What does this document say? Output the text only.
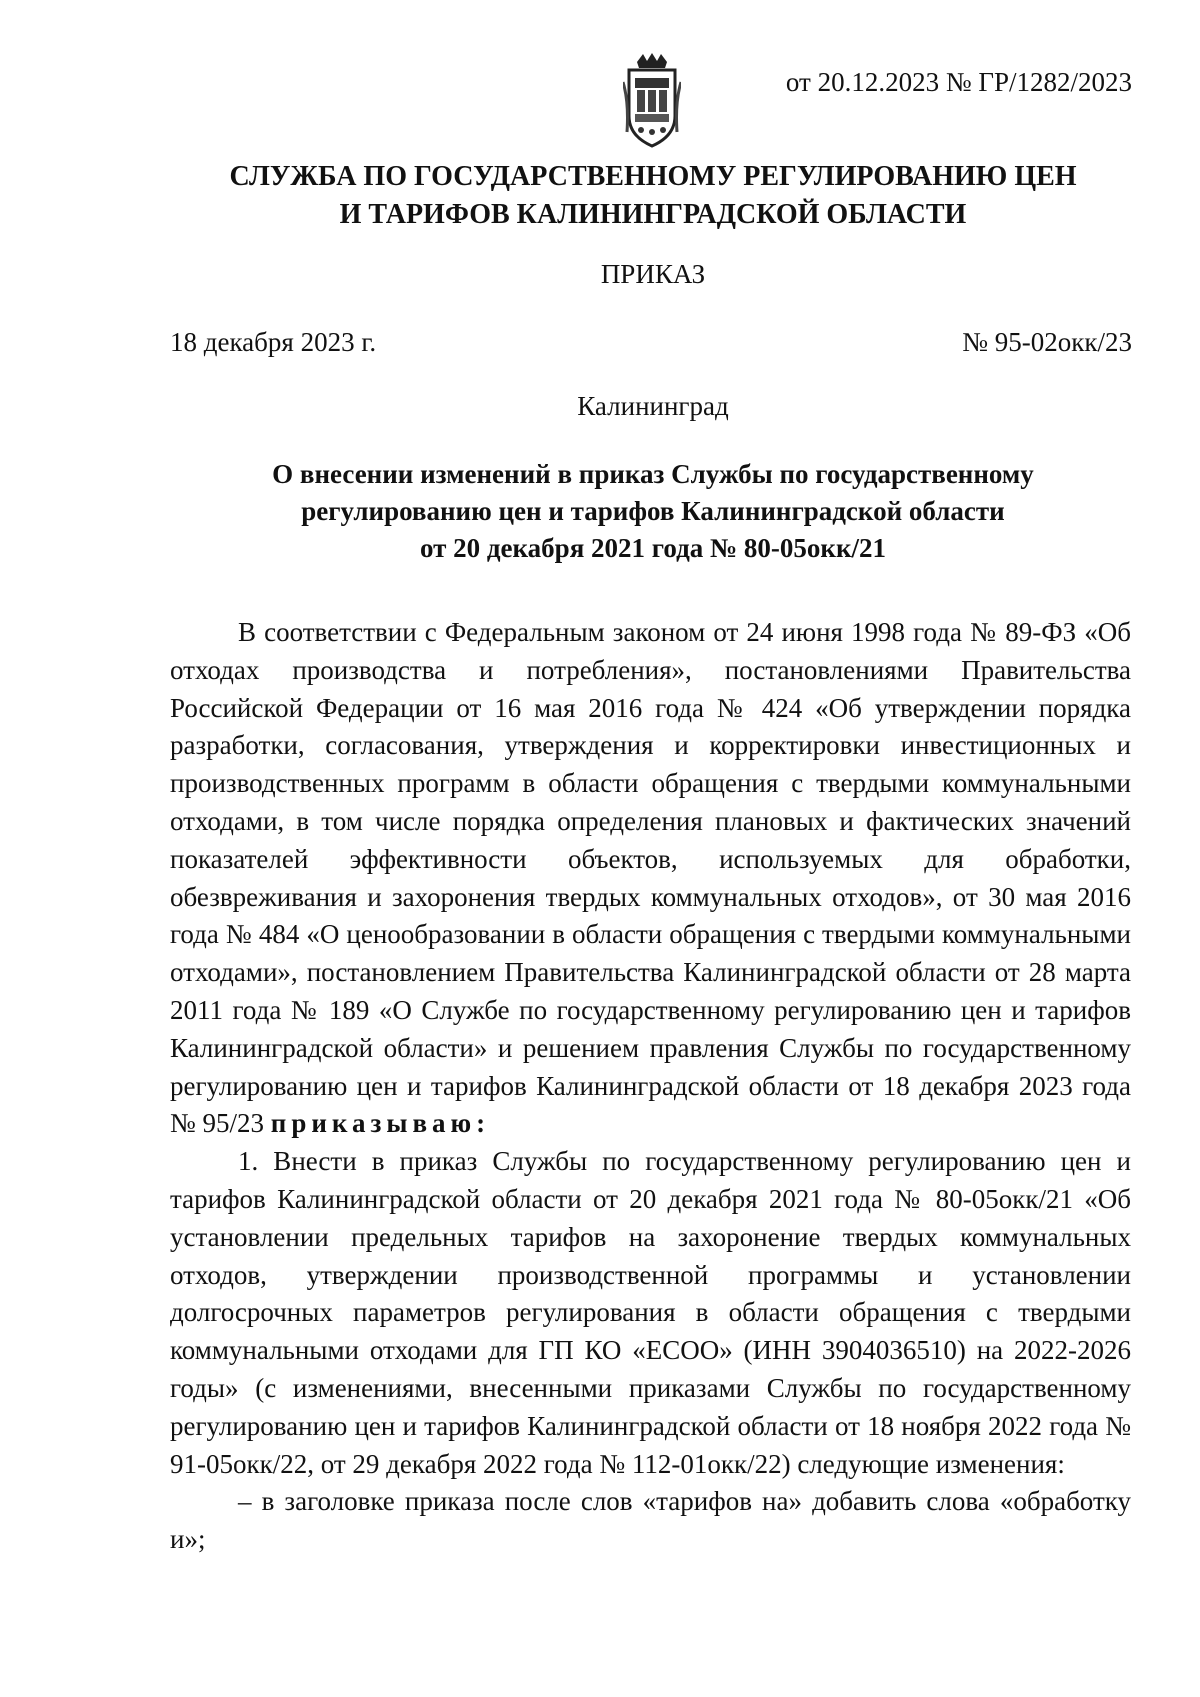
от 20.12.2023 № ГР/1282/2023
СЛУЖБА ПО ГОСУДАРСТВЕННОМУ РЕГУЛИРОВАНИЮ ЦЕН
И ТАРИФОВ КАЛИНИНГРАДСКОЙ ОБЛАСТИ
ПРИКАЗ
18 декабря 2023 г.	№ 95-02окк/23
Калининград
О внесении изменений в приказ Службы по государственному
регулированию цен и тарифов Калининградской области
от 20 декабря 2021 года № 80-05окк/21

В соответствии с Федеральным законом от 24 июня 1998 года № 89-ФЗ «Об отходах производства и потребления», постановлениями Правительства Российской Федерации от 16 мая 2016 года № 424 «Об утверждении порядка разработки, согласования, утверждения и корректировки инвестиционных и производственных программ в области обращения с твердыми коммунальными отходами, в том числе порядка определения плановых и фактических значений показателей эффективности объектов, используемых для обработки, обезвреживания и захоронения твердых коммунальных отходов», от 30 мая 2016 года № 484 «О ценообразовании в области обращения с твердыми коммунальными отходами», постановлением Правительства Калининградской области от 28 марта 2011 года № 189 «О Службе по государственному регулированию цен и тарифов Калининградской области» и решением правления Службы по государственному регулированию цен и тарифов Калининградской области от 18 декабря 2023 года № 95/23 приказываю:

1. Внести в приказ Службы по государственному регулированию цен и тарифов Калининградской области от 20 декабря 2021 года № 80-05окк/21 «Об установлении предельных тарифов на захоронение твердых коммунальных отходов, утверждении производственной программы и установлении долгосрочных параметров регулирования в области обращения с твердыми коммунальными отходами для ГП КО «ЕСОО» (ИНН 3904036510) на 2022-2026 годы» (с изменениями, внесенными приказами Службы по государственному регулированию цен и тарифов Калининградской области от 18 ноября 2022 года № 91-05окк/22, от 29 декабря 2022 года № 112-01окк/22) следующие изменения:

– в заголовке приказа после слов «тарифов на» добавить слова «обработку и»;
